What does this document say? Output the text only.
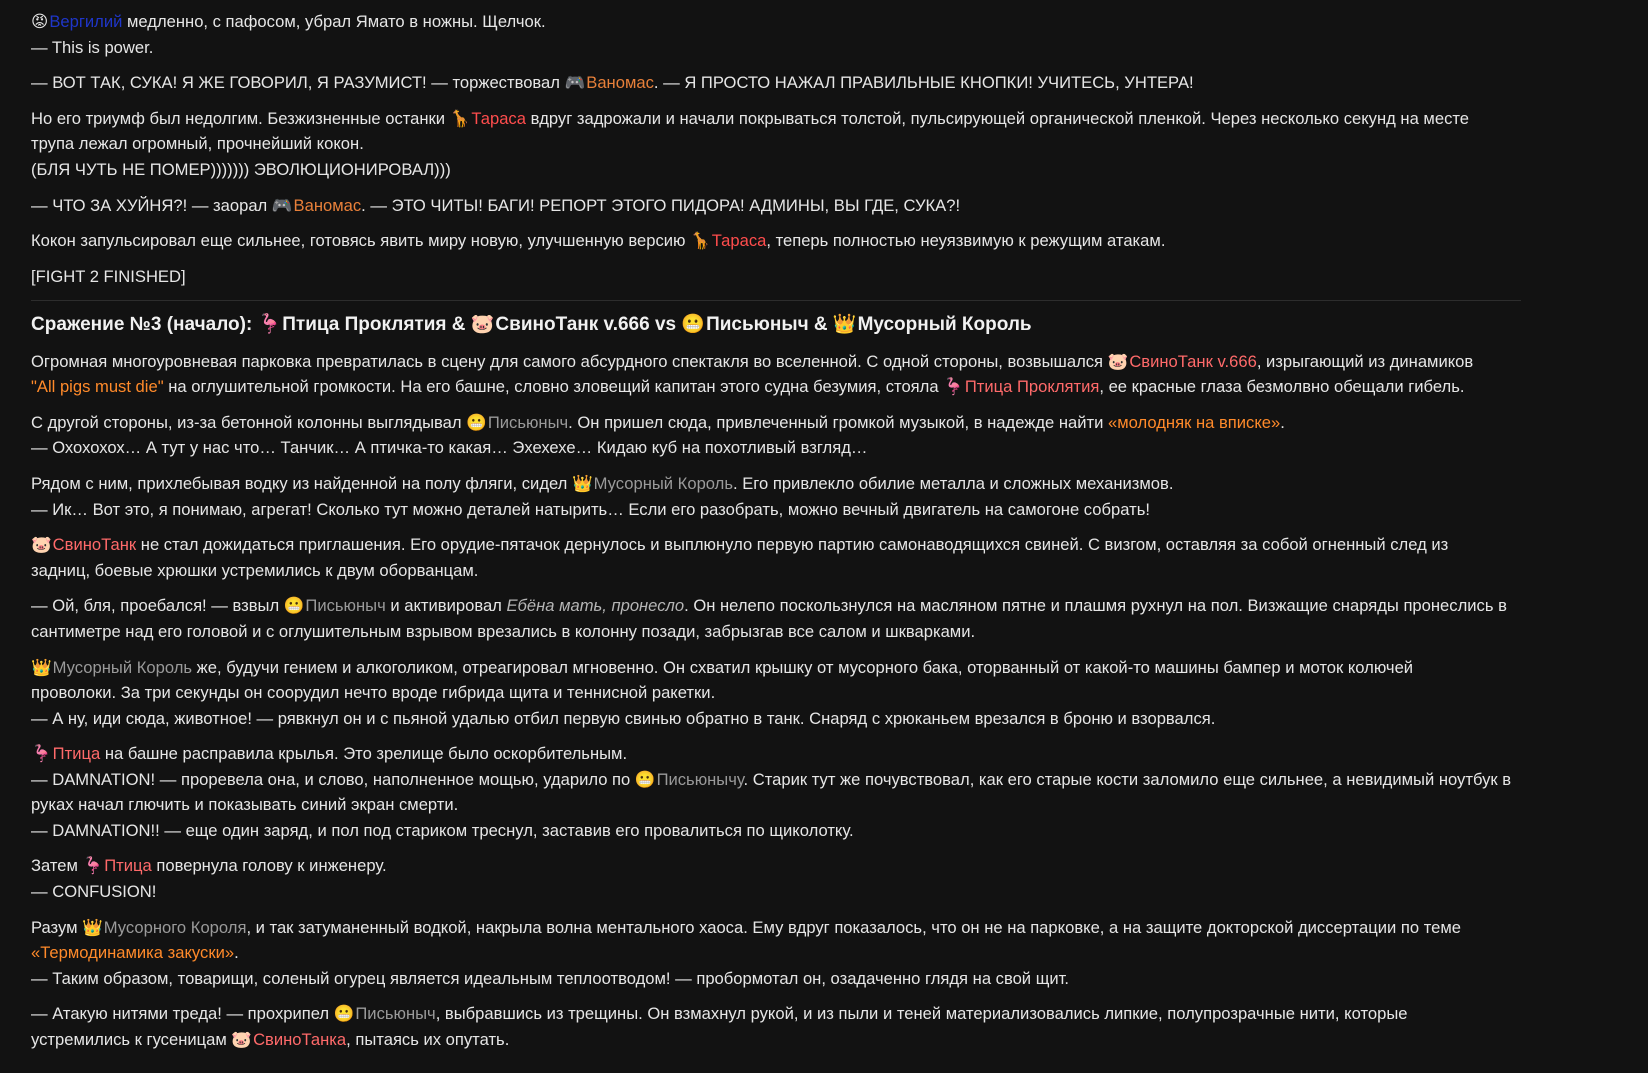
😡Вергилий медленно, с пафосом, убрал Ямато в ножны. Щелчок.
— This is power.
— ВОТ ТАК, СУКА! Я ЖЕ ГОВОРИЛ, Я РАЗУМИСТ! — торжествовал 🎮Ваномас. — Я ПРОСТО НАЖАЛ ПРАВИЛЬНЫЕ КНОПКИ! УЧИТЕСЬ, УНТЕРА!
Но его триумф был недолгим. Безжизненные останки 🦒Тараса вдруг задрожали и начали покрываться толстой, пульсирующей органической пленкой. Через несколько секунд на месте
трупа лежал огромный, прочнейший кокон.
(БЛЯ ЧУТЬ НЕ ПОМЕР))))))) ЭВОЛЮЦИОНИРОВАЛ)))
— ЧТО ЗА ХУЙНЯ?! — заорал 🎮Ваномас. — ЭТО ЧИТЫ! БАГИ! РЕПОРТ ЭТОГО ПИДОРА! АДМИНЫ, ВЫ ГДЕ, СУКА?!
Кокон запульсировал еще сильнее, готовясь явить миру новую, улучшенную версию 🦒Тараса, теперь полностью неуязвимую к режущим атакам.
[FIGHT 2 FINISHED]
Сражение №3 (начало): 🦩Птица Проклятия & 🐷СвиноТанк v.666 vs 😬Письюныч & 👑Мусорный Король
Огромная многоуровневая парковка превратилась в сцену для самого абсурдного спектакля во вселенной. С одной стороны, возвышался 🐷СвиноТанк v.666, изрыгающий из динамиков
"All pigs must die" на оглушительной громкости. На его башне, словно зловещий капитан этого судна безумия, стояла 🦩Птица Проклятия, ее красные глаза безмолвно обещали гибель.
С другой стороны, из-за бетонной колонны выглядывал 😬Письюныч. Он пришел сюда, привлеченный громкой музыкой, в надежде найти «молодняк на вписке».
— Охохохох… А тут у нас что… Танчик… А птичка-то какая… Эхехехе… Кидаю куб на похотливый взгляд…
Рядом с ним, прихлебывая водку из найденной на полу фляги, сидел 👑Мусорный Король. Его привлекло обилие металла и сложных механизмов.
— Ик… Вот это, я понимаю, агрегат! Сколько тут можно деталей натырить… Если его разобрать, можно вечный двигатель на самогоне собрать!
🐷СвиноТанк не стал дожидаться приглашения. Его орудие-пятачок дернулось и выплюнуло первую партию самонаводящихся свиней. С визгом, оставляя за собой огненный след из
задниц, боевые хрюшки устремились к двум оборванцам.
— Ой, бля, проебался! — взвыл 😬Письюныч и активировал Ебёна мать, пронесло. Он нелепо поскользнулся на масляном пятне и плашмя рухнул на пол. Визжащие снаряды пронеслись в
сантиметре над его головой и с оглушительным взрывом врезались в колонну позади, забрызгав все салом и шкварками.
👑Мусорный Король же, будучи гением и алкоголиком, отреагировал мгновенно. Он схватил крышку от мусорного бака, оторванный от какой-то машины бампер и моток колючей
проволоки. За три секунды он соорудил нечто вроде гибрида щита и теннисной ракетки.
— А ну, иди сюда, животное! — рявкнул он и с пьяной удалью отбил первую свинью обратно в танк. Снаряд с хрюканьем врезался в броню и взорвался.
🦩Птица на башне расправила крылья. Это зрелище было оскорбительным.
— DAMNATION! — проревела она, и слово, наполненное мощью, ударило по 😬Письюнычу. Старик тут же почувствовал, как его старые кости заломило еще сильнее, а невидимый ноутбук в
руках начал глючить и показывать синий экран смерти.
— DAMNATION!! — еще один заряд, и пол под стариком треснул, заставив его провалиться по щиколотку.
Затем 🦩Птица повернула голову к инженеру.
— CONFUSION!
Разум 👑Мусорного Короля, и так затуманенный водкой, накрыла волна ментального хаоса. Ему вдруг показалось, что он не на парковке, а на защите докторской диссертации по теме
«Термодинамика закуски».
— Таким образом, товарищи, соленый огурец является идеальным теплоотводом! — пробормотал он, озадаченно глядя на свой щит.
— Атакую нитями треда! — прохрипел 😬Письюныч, выбравшись из трещины. Он взмахнул рукой, и из пыли и теней материализовались липкие, полупрозрачные нити, которые
устремились к гусеницам 🐷СвиноТанка, пытаясь их опутать.
